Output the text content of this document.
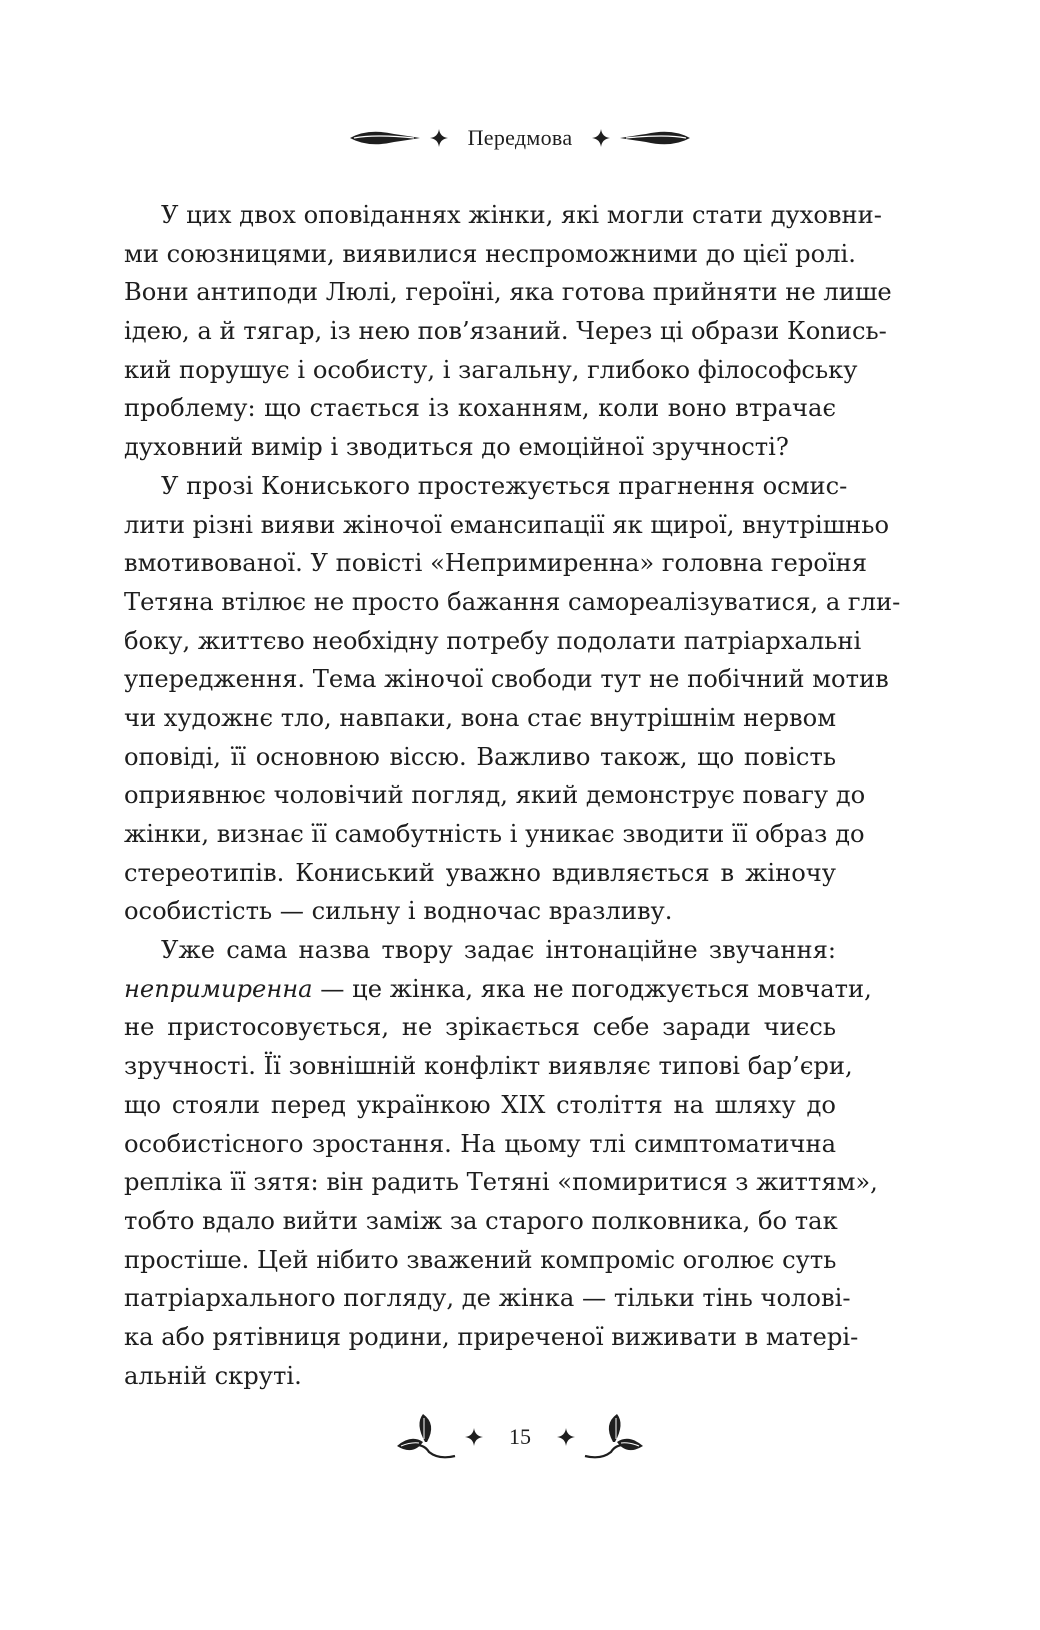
Передмова
У цих двох оповіданнях жінки, які могли стати духовни-
ми союзницями, виявилися неспроможними до цієї ролі.
Вони антиподи Люлі, героїні, яка готова прийняти не лише
ідею, а й тягар, із нею пов’язаний. Через ці образи Кonись-
кий порушує і особисту, і загальну, глибоко філософську
проблему: що стається із коханням, коли воно втрачає
духовний вимір і зводиться до емоційної зручності?
У прозі Кониського простежується прагнення осмис-
лити різні вияви жіночої емансипації як щирої, внутрішньо
вмотивованої. У повісті «Непримиренна» головна героїня
Тетяна втілює не просто бажання самореалізуватися, а гли-
боку, життєво необхідну потребу подолати патріархальні
упередження. Тема жіночої свободи тут не побічний мотив
чи художнє тло, навпаки, вона стає внутрішнім нервом
оповіді, її основною віссю. Важливо також, що повість
оприявнює чоловічий погляд, який демонструє повагу до
жінки, визнає її самобутність і уникає зводити її образ до
стереотипів. Кониський уважно вдивляється в жіночу
особистість — сильну і водночас вразливу.
Уже сама назва твору задає інтонаційне звучання:
непримиренна — це жінка, яка не погоджується мовчати,
не пристосовується, не зрікається себе заради чиєсь
зручності. Її зовнішній конфлікт виявляє типові бар’єри,
що стояли перед українкою XIX століття на шляху до
особистісного зростання. На цьому тлі симптоматична
репліка її зятя: він радить Тетяні «помиритися з життям»,
тобто вдало вийти заміж за старого полковника, бо так
простіше. Цей нібито зважений компроміс оголює суть
патріархального погляду, де жінка — тільки тінь чолові-
ка або рятівниця родини, приреченої виживати в матері-
альній скруті.
15
